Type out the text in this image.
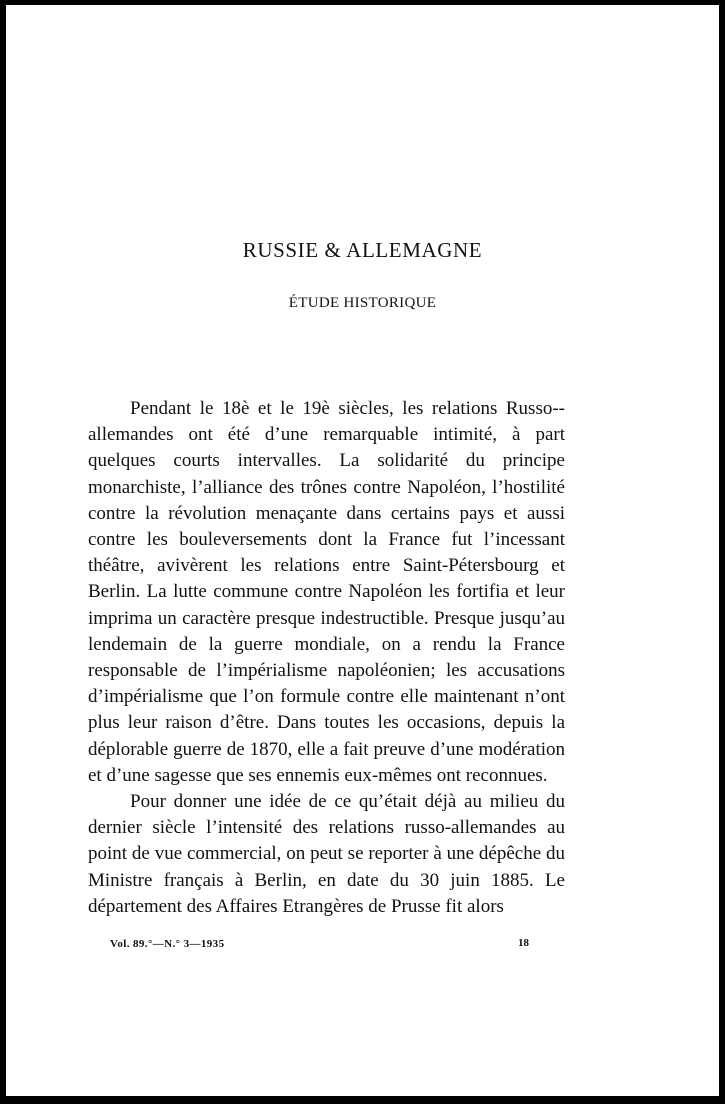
RUSSIE & ALLEMAGNE
ÉTUDE HISTORIQUE

Pendant le 18è et le 19è siècles, les relations Russo--allemandes ont été d’une remarquable intimité, à part quelques courts intervalles. La solidarité du principe monarchiste, l’alliance des trônes contre Napoléon, l’hostilité contre la révolution menaçante dans certains pays et aussi contre les bouleversements dont la France fut l’incessant théâtre, avivèrent les relations entre Saint-Pétersbourg et Berlin. La lutte commune contre Napoléon les fortifia et leur imprima un caractère presque indestructible. Presque jusqu’au lendemain de la guerre mondiale, on a rendu la France responsable de l’impérialisme napoléonien; les accusations d’impérialisme que l’on formule contre elle maintenant n’ont plus leur raison d’être. Dans toutes les occasions, depuis la déplorable guerre de 1870, elle a fait preuve d’une modération et d’une sagesse que ses ennemis eux-mêmes ont reconnues.

Pour donner une idée de ce qu’était déjà au milieu du dernier siècle l’intensité des relations russo-allemandes au point de vue commercial, on peut se reporter à une dépêche du Ministre français à Berlin, en date du 30 juin 1885. Le département des Affaires Etrangères de Prusse fit alors

Vol. 89.°—N.° 3—1935	18
